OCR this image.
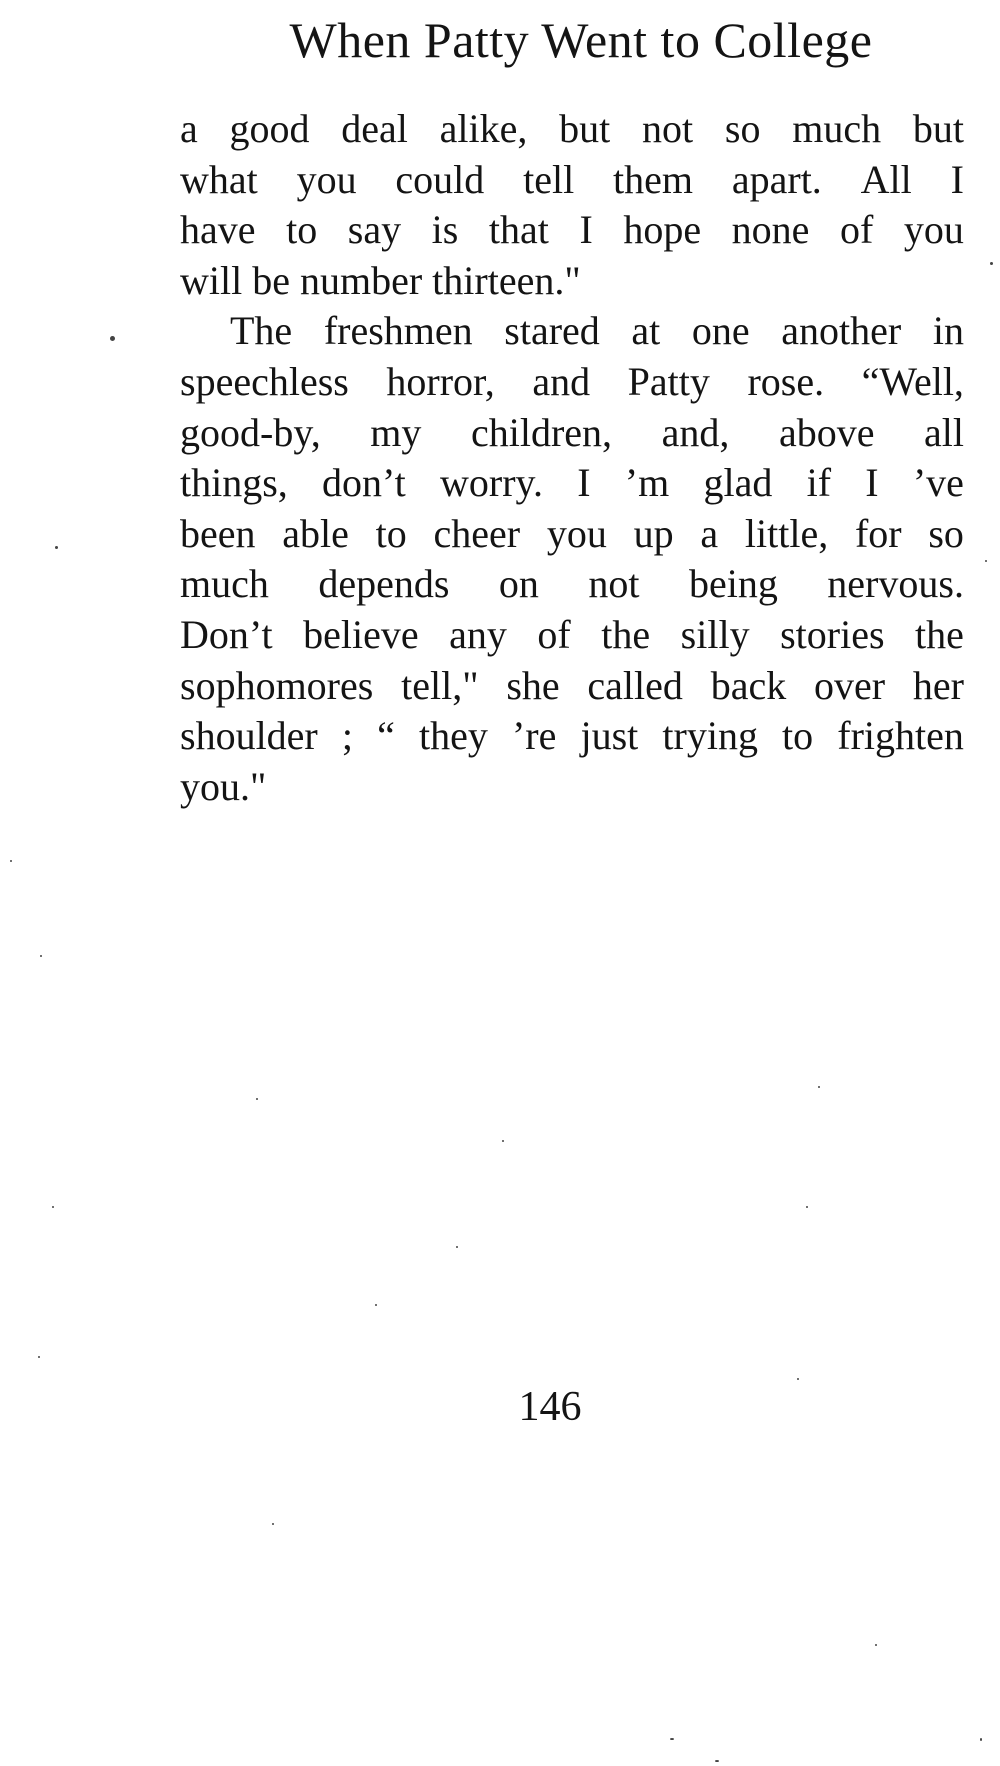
When Patty Went to College
a good deal alike, but not so much but
what you could tell them apart. All I
have to say is that I hope none of you
will be number thirteen."
The freshmen stared at one another in
speechless horror, and Patty rose. “Well,
good-by, my children, and, above all
things, don’t worry. I ’m glad if I ’ve
been able to cheer you up a little, for so
much depends on not being nervous.
Don’t believe any of the silly stories the
sophomores tell," she called back over her
shoulder ; “ they ’re just trying to frighten
you."
146
